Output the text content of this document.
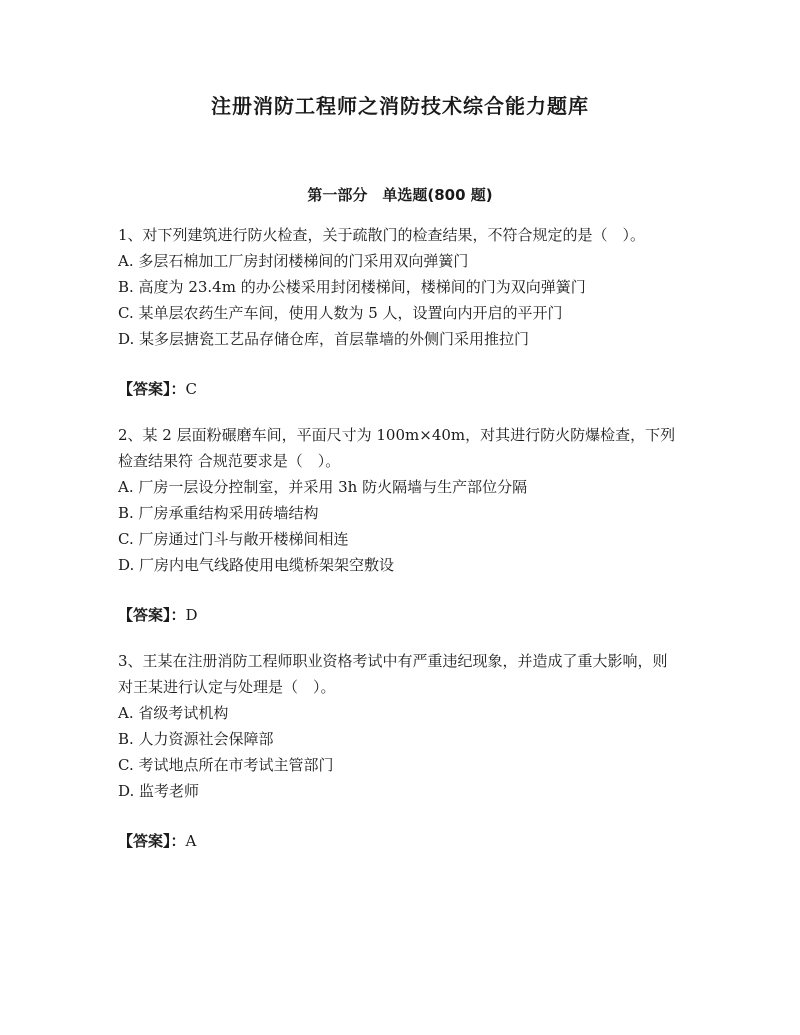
注册消防工程师之消防技术综合能力题库
第一部分　单选题(800 题)

1、对下列建筑进行防火检查，关于疏散门的检查结果，不符合规定的是（　）。

A. 多层石棉加工厂房封闭楼梯间的门采用双向弹簧门

B. 高度为 23.4m 的办公楼采用封闭楼梯间，楼梯间的门为双向弹簧门

C. 某单层农药生产车间，使用人数为 5 人，设置向内开启的平开门

D. 某多层搪瓷工艺品存储仓库，首层靠墙的外侧门采用推拉门

【答案】：C

2、某 2 层面粉碾磨车间，平面尺寸为 100m×40m，对其进行防火防爆检查，下列检查结果符 合规范要求是（　）。

A. 厂房一层设分控制室，并采用 3h 防火隔墙与生产部位分隔

B. 厂房承重结构采用砖墙结构

C. 厂房通过门斗与敞开楼梯间相连

D. 厂房内电气线路使用电缆桥架架空敷设

【答案】：D

3、王某在注册消防工程师职业资格考试中有严重违纪现象，并造成了重大影响，则对王某进行认定与处理是（　）。

A. 省级考试机构

B. 人力资源社会保障部

C. 考试地点所在市考试主管部门

D. 监考老师

【答案】：A
